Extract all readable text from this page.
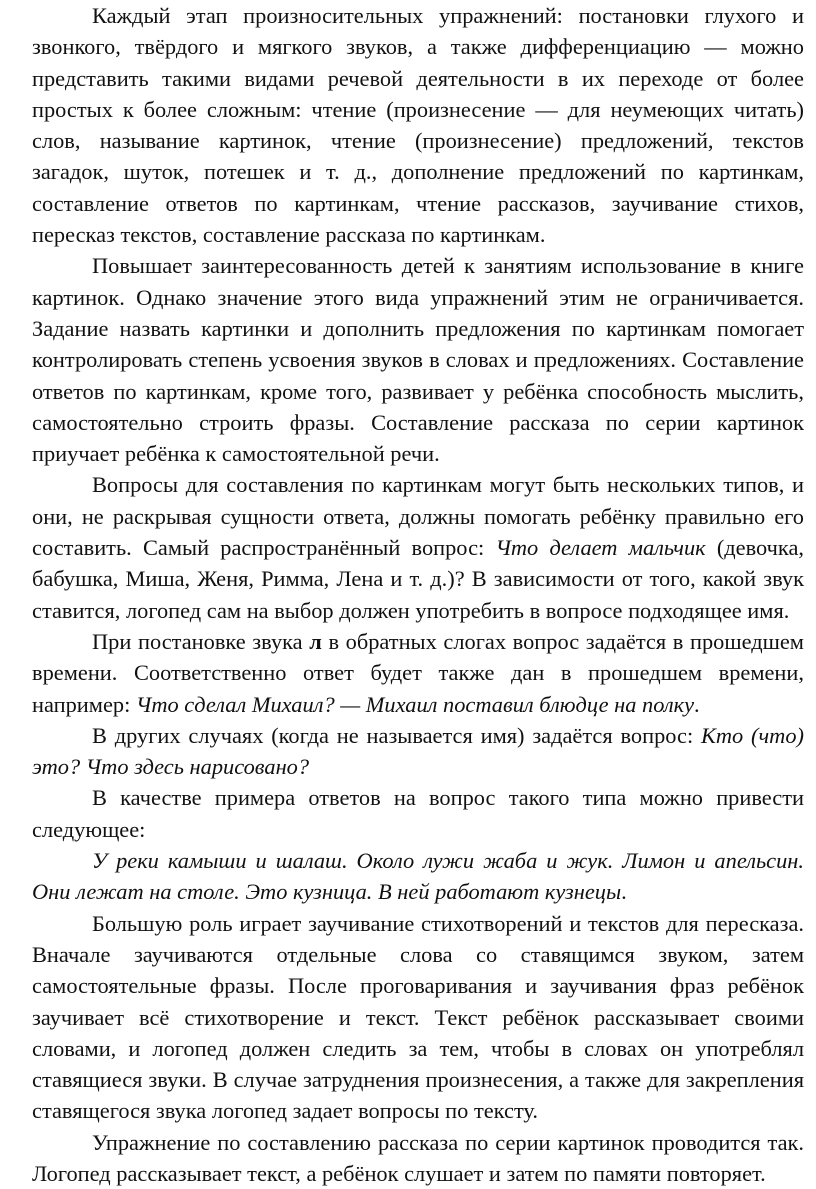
Каждый этап произносительных упражнений: постановки глухого и звонкого, твёрдого и мягкого звуков, а также дифференциацию — можно представить такими видами речевой деятельности в их переходе от более простых к более сложным: чтение (произнесение — для неумеющих читать) слов, называние картинок, чтение (произнесение) предложений, текстов загадок, шуток, потешек и т. д., дополнение предложений по картинкам, составление ответов по картинкам, чтение рассказов, заучивание стихов, пересказ текстов, составление рассказа по картинкам.

Повышает заинтересованность детей к занятиям использование в книге картинок. Однако значение этого вида упражнений этим не ограничивается. Задание назвать картинки и дополнить предложения по картинкам помогает контролировать степень усвоения звуков в словах и предложениях. Составление ответов по картинкам, кроме того, развивает у ребёнка способность мыслить, самостоятельно строить фразы. Составление рассказа по серии картинок приучает ребёнка к самостоятельной речи.

Вопросы для составления по картинкам могут быть нескольких типов, и они, не раскрывая сущности ответа, должны помогать ребёнку правильно его составить. Самый распространённый вопрос: Что делает мальчик (девочка, бабушка, Миша, Женя, Римма, Лена и т. д.)? В зависимости от того, какой звук ставится, логопед сам на выбор должен употребить в вопросе подходящее имя.

При постановке звука л в обратных слогах вопрос задаётся в прошедшем времени. Соответственно ответ будет также дан в прошедшем времени, например: Что сделал Михаил? — Михаил поставил блюдце на полку.

В других случаях (когда не называется имя) задаётся вопрос: Кто (что) это? Что здесь нарисовано?

В качестве примера ответов на вопрос такого типа можно привести следующее:

У реки камыши и шалаш. Около лужи жаба и жук. Лимон и апельсин. Они лежат на столе. Это кузница. В ней работают кузнецы.

Большую роль играет заучивание стихотворений и текстов для пересказа. Вначале заучиваются отдельные слова со ставящимся звуком, затем самостоятельные фразы. После проговаривания и заучивания фраз ребёнок заучивает всё стихотворение и текст. Текст ребёнок рассказывает своими словами, и логопед должен следить за тем, чтобы в словах он употреблял ставящиеся звуки. В случае затруднения произнесения, а также для закрепления ставящегося звука логопед задает вопросы по тексту.

Упражнение по составлению рассказа по серии картинок проводится так. Логопед рассказывает текст, а ребёнок слушает и затем по памяти повторяет.
